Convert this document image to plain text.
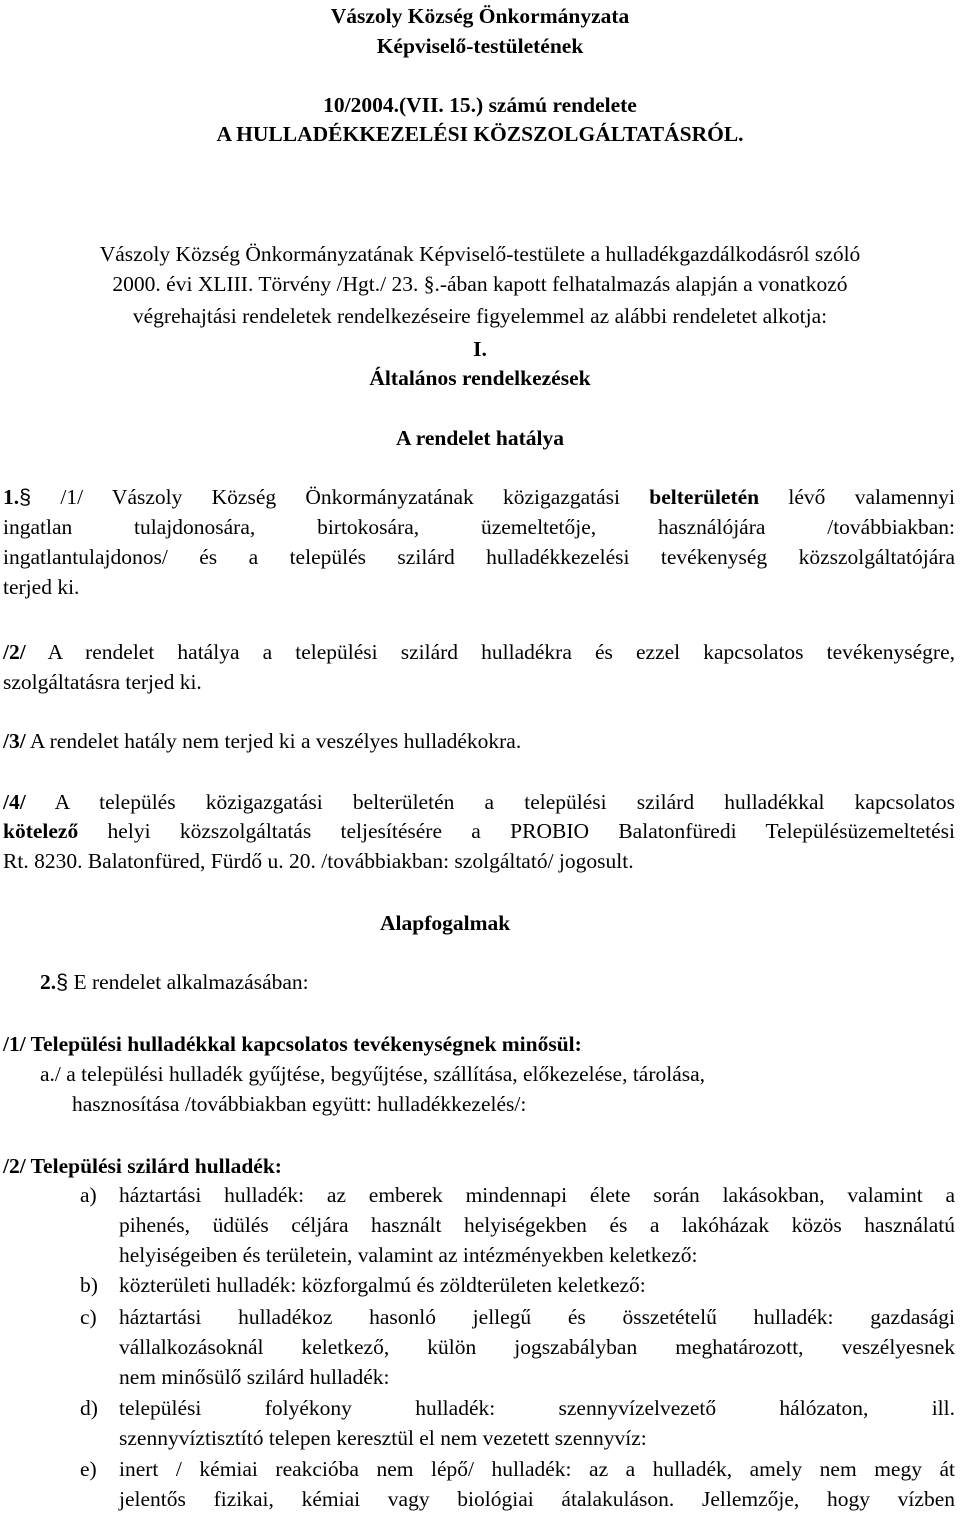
Vászoly Község Önkormányzata
Képviselő-testületének
10/2004.(VII. 15.) számú rendelete
A HULLADÉKKEZELÉSI KÖZSZOLGÁLTATÁSRÓL.
Vászoly Község Önkormányzatának Képviselő-testülete a hulladékgazdálkodásról szóló
2000. évi XLIII. Törvény /Hgt./ 23. §.-ában kapott felhatalmazás alapján a vonatkozó
végrehajtási rendeletek rendelkezéseire figyelemmel az alábbi rendeletet alkotja:
I.
Általános rendelkezések
A rendelet hatálya
1.§ /1/ Vászoly Község Önkormányzatának közigazgatási belterületén lévő valamennyi
ingatlan tulajdonosára, birtokosára, üzemeltetője, használójára /továbbiakban:
ingatlantulajdonos/ és a település szilárd hulladékkezelési tevékenység közszolgáltatójára
terjed ki.
/2/ A rendelet hatálya a települési szilárd hulladékra és ezzel kapcsolatos tevékenységre,
szolgáltatásra terjed ki.
/3/ A rendelet hatály nem terjed ki a veszélyes hulladékokra.
/4/ A település közigazgatási belterületén a települési szilárd hulladékkal kapcsolatos
kötelező helyi közszolgáltatás teljesítésére a PROBIO Balatonfüredi Településüzemeltetési
Rt. 8230. Balatonfüred, Fürdő u. 20. /továbbiakban: szolgáltató/ jogosult.
Alapfogalmak
2.§ E rendelet alkalmazásában:
/1/ Települési hulladékkal kapcsolatos tevékenységnek minősül:
a./ a települési hulladék gyűjtése, begyűjtése, szállítása, előkezelése, tárolása,
hasznosítása /továbbiakban együtt: hulladékkezelés/:
/2/ Települési szilárd hulladék:
a) háztartási hulladék: az emberek mindennapi élete során lakásokban, valamint a
pihenés, üdülés céljára használt helyiségekben és a lakóházak közös használatú
helyiségeiben és területein, valamint az intézményekben keletkező:
b) közterületi hulladék: közforgalmú és zöldterületen keletkező:
c) háztartási hulladékoz hasonló jellegű és összetételű hulladék: gazdasági
vállalkozásoknál keletkező, külön jogszabályban meghatározott, veszélyesnek
nem minősülő szilárd hulladék:
d) települési folyékony hulladék: szennyvízelvezető hálózaton, ill.
szennyvíztisztító telepen keresztül el nem vezetett szennyvíz:
e) inert / kémiai reakcióba nem lépő/ hulladék: az a hulladék, amely nem megy át
jelentős fizikai, kémiai vagy biológiai átalakuláson. Jellemzője, hogy vízben
